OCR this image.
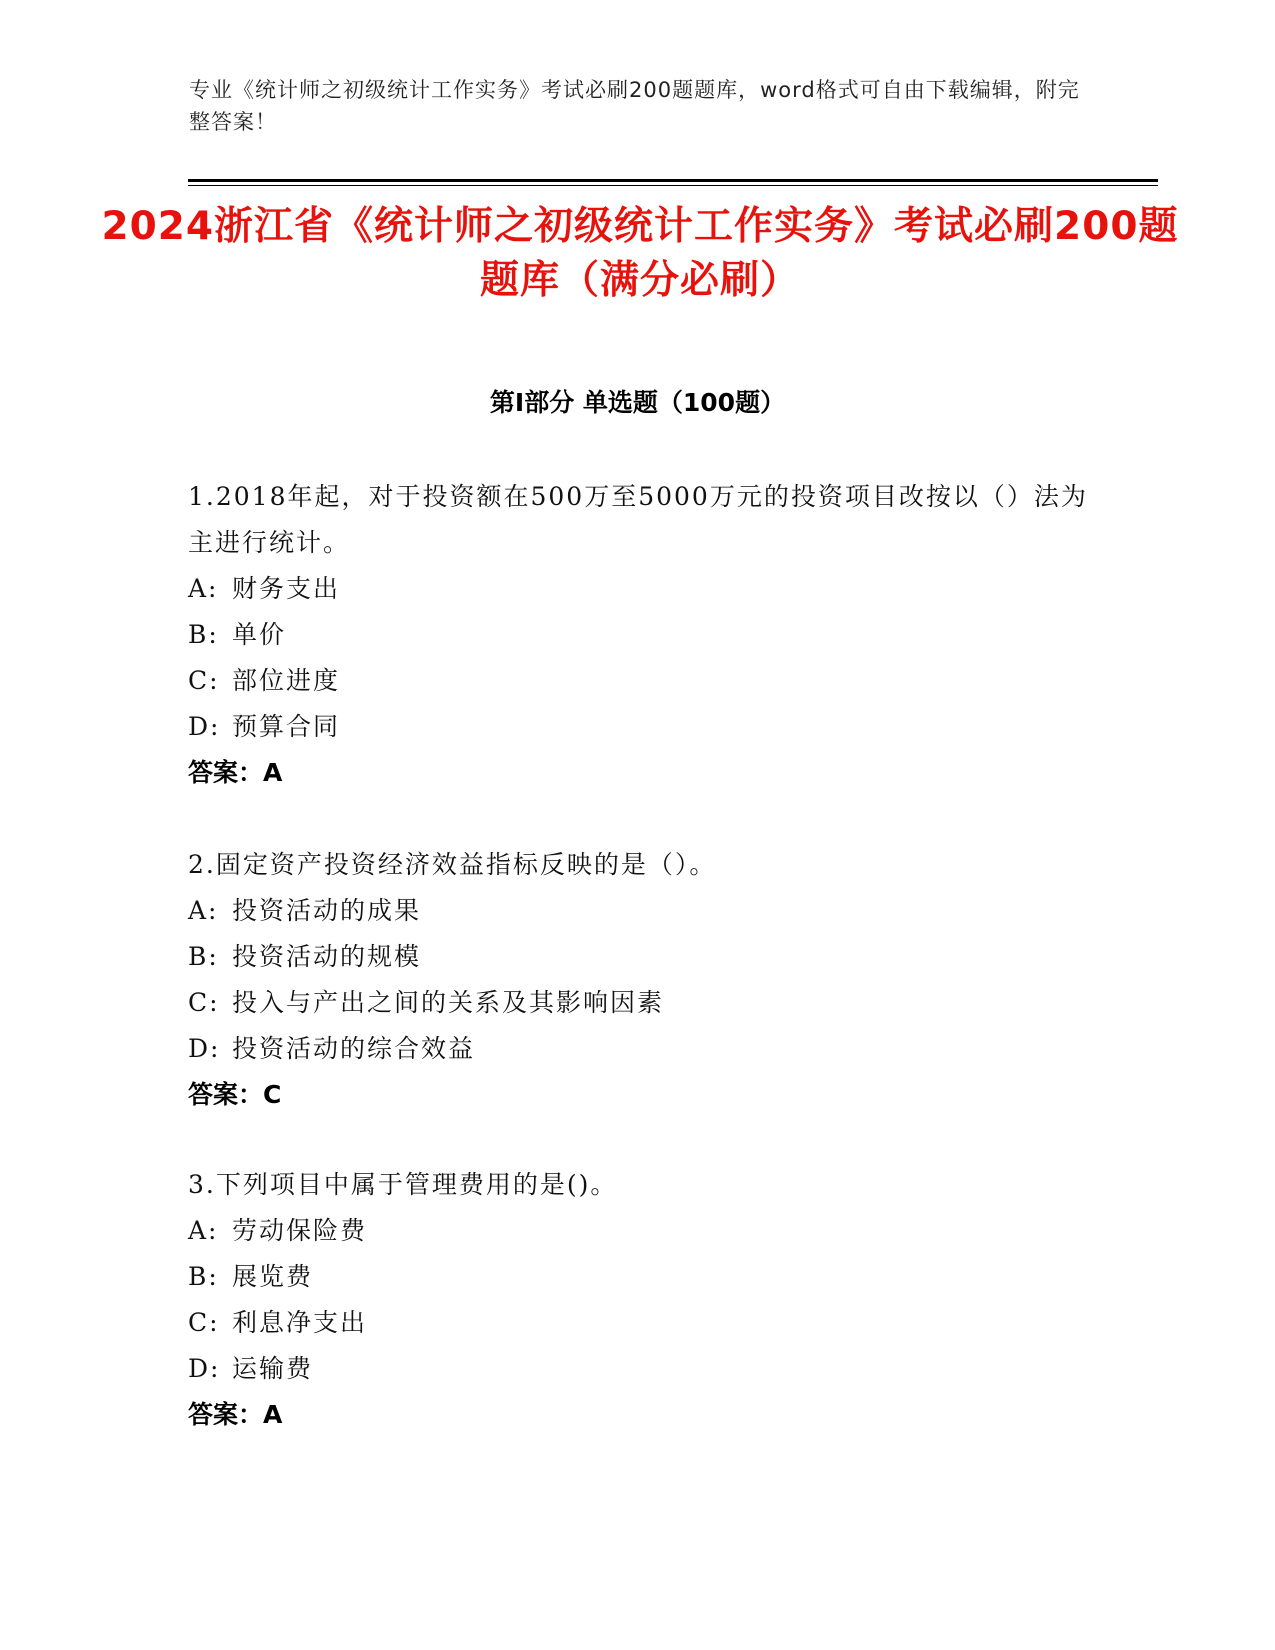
专业《统计师之初级统计工作实务》考试必刷200题题库，word格式可自由下载编辑，附完整答案！
2024浙江省《统计师之初级统计工作实务》考试必刷200题题库（满分必刷）
第I部分 单选题（100题）

1.2018年起，对于投资额在500万至5000万元的投资项目改按以（）法为主进行统计。

A: 财务支出

B: 单价

C: 部位进度

D: 预算合同

答案：A

2.固定资产投资经济效益指标反映的是（）。

A: 投资活动的成果

B: 投资活动的规模

C: 投入与产出之间的关系及其影响因素

D: 投资活动的综合效益

答案：C

3.下列项目中属于管理费用的是()。

A: 劳动保险费

B: 展览费

C: 利息净支出

D: 运输费

答案：A
